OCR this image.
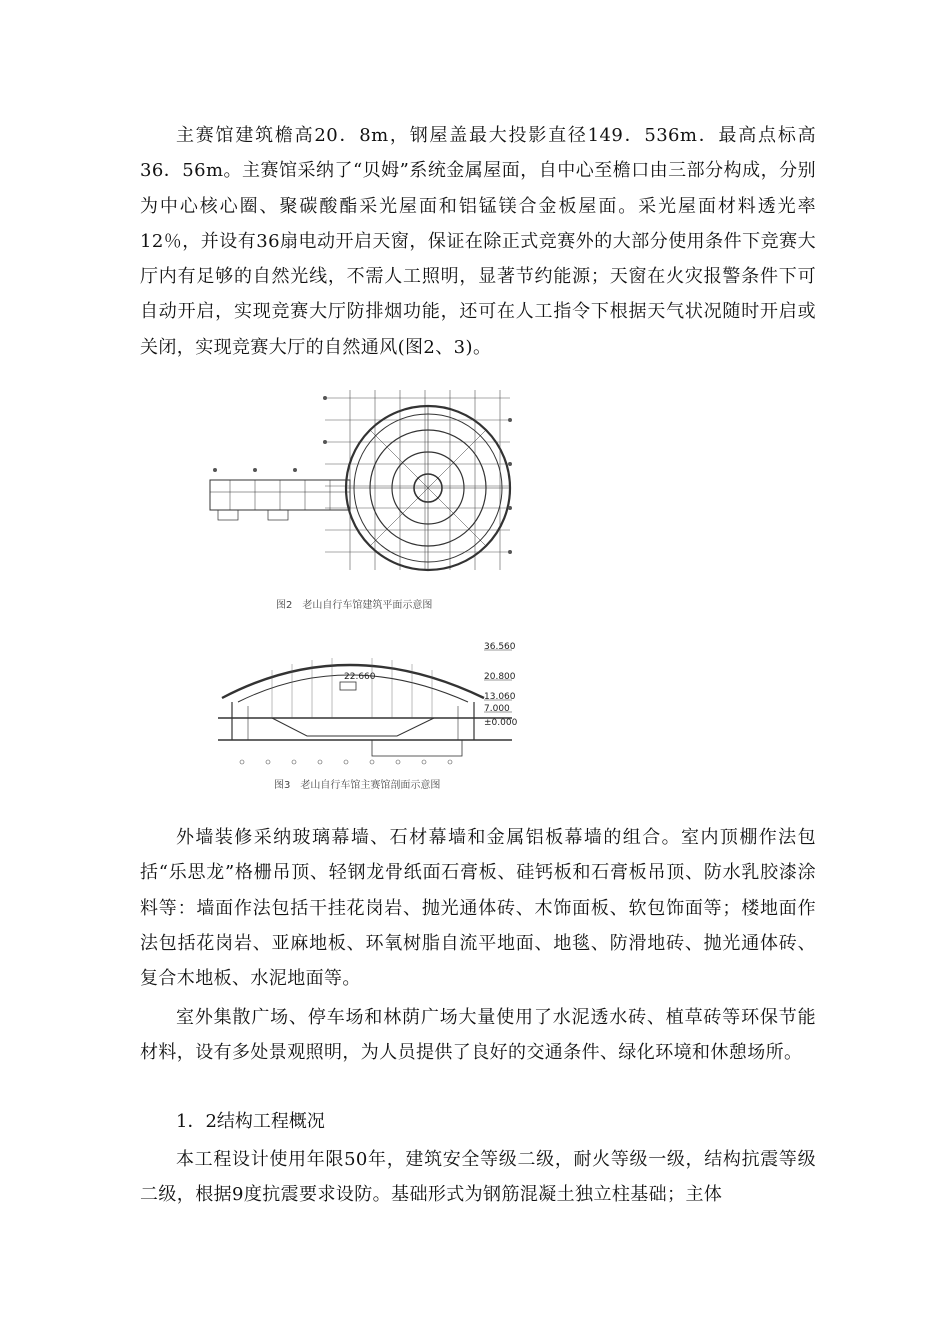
主赛馆建筑檐高20．8m，钢屋盖最大投影直径149．536m．最高点标高36．56m。主赛馆采纳了“贝姆”系统金属屋面，自中心至檐口由三部分构成，分别为中心核心圈、聚碳酸酯采光屋面和铝锰镁合金板屋面。采光屋面材料透光率12％，并设有36扇电动开启天窗，保证在除正式竞赛外的大部分使用条件下竞赛大厅内有足够的自然光线，不需人工照明，显著节约能源；天窗在火灾报警条件下可自动开启，实现竞赛大厅防排烟功能，还可在人工指令下根据天气状况随时开启或关闭，实现竞赛大厅的自然通风(图2、3)。

图2　老山自行车馆建筑平面示意图
36.560
22.660	20.800
13.060
7.000
±0.000
图3　老山自行车馆主赛馆剖面示意图

外墙装修采纳玻璃幕墙、石材幕墙和金属铝板幕墙的组合。室内顶棚作法包括“乐思龙”格栅吊顶、轻钢龙骨纸面石膏板、硅钙板和石膏板吊顶、防水乳胶漆涂料等：墙面作法包括干挂花岗岩、抛光通体砖、木饰面板、软包饰面等；楼地面作法包括花岗岩、亚麻地板、环氧树脂自流平地面、地毯、防滑地砖、抛光通体砖、复合木地板、水泥地面等。

室外集散广场、停车场和林荫广场大量使用了水泥透水砖、植草砖等环保节能材料，设有多处景观照明，为人员提供了良好的交通条件、绿化环境和休憩场所。

1．2结构工程概况

本工程设计使用年限50年，建筑安全等级二级，耐火等级一级，结构抗震等级二级，根据9度抗震要求设防。基础形式为钢筋混凝土独立柱基础；主体
